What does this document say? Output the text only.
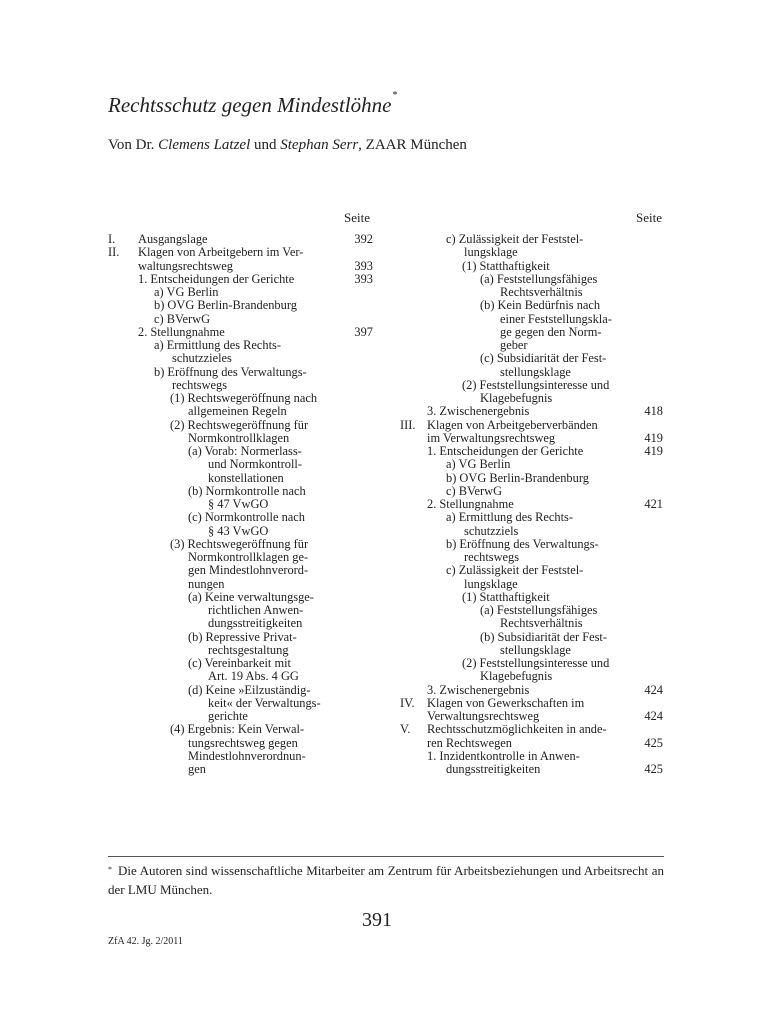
Rechtsschutz gegen Mindestlöhne*
Von Dr. Clemens Latzel und Stephan Serr, ZAAR München
Seite	Seite
I. Ausgangslage	392
II. Klagen von Arbeitgebern im Ver-
waltungsrechtsweg	393
1. Entscheidungen der Gerichte	393
a) VG Berlin
b) OVG Berlin-Brandenburg
c) BVerwG
2. Stellungnahme	397
a) Ermittlung des Rechts-
schutzzieles
b) Eröffnung des Verwaltungs-
rechtswegs
(1) Rechtswegeröffnung nach
allgemeinen Regeln
(2) Rechtswegeröffnung für
Normkontrollklagen
(a) Vorab: Normerlass-
und Normkontroll-
konstellationen
(b) Normkontrolle nach
§ 47 VwGO
(c) Normkontrolle nach
§ 43 VwGO
(3) Rechtswegeröffnung für
Normkontrollklagen ge-
gen Mindestlohnverord-
nungen
(a) Keine verwaltungsge-
richtlichen Anwen-
dungsstreitigkeiten
(b) Repressive Privat-
rechtsgestaltung
(c) Vereinbarkeit mit
Art. 19 Abs. 4 GG
(d) Keine »Eilzuständig-
keit« der Verwaltungs-
gerichte
(4) Ergebnis: Kein Verwal-
tungsrechtsweg gegen
Mindestlohnverordnun-
gen
c) Zulässigkeit der Feststel-
lungsklage
(1) Statthaftigkeit
(a) Feststellungsfähiges
Rechtsverhältnis
(b) Kein Bedürfnis nach
einer Feststellungskla-
ge gegen den Norm-
geber
(c) Subsidiarität der Fest-
stellungsklage
(2) Feststellungsinteresse und
Klagebefugnis
3. Zwischenergebnis	418
III. Klagen von Arbeitgeberverbänden
im Verwaltungsrechtsweg	419
1. Entscheidungen der Gerichte	419
a) VG Berlin
b) OVG Berlin-Brandenburg
c) BVerwG
2. Stellungnahme	421
a) Ermittlung des Rechts-
schutzziels
b) Eröffnung des Verwaltungs-
rechtswegs
c) Zulässigkeit der Feststel-
lungsklage
(1) Statthaftigkeit
(a) Feststellungsfähiges
Rechtsverhältnis
(b) Subsidiarität der Fest-
stellungsklage
(2) Feststellungsinteresse und
Klagebefugnis
3. Zwischenergebnis	424
IV. Klagen von Gewerkschaften im
Verwaltungsrechtsweg	424
V. Rechtsschutzmöglichkeiten in ande-
ren Rechtswegen	425
1. Inzidentkontrolle in Anwen-
dungsstreitigkeiten	425
* Die Autoren sind wissenschaftliche Mitarbeiter am Zentrum für Arbeitsbeziehungen und Arbeitsrecht an der LMU München.
391
ZfA 42. Jg. 2/2011
